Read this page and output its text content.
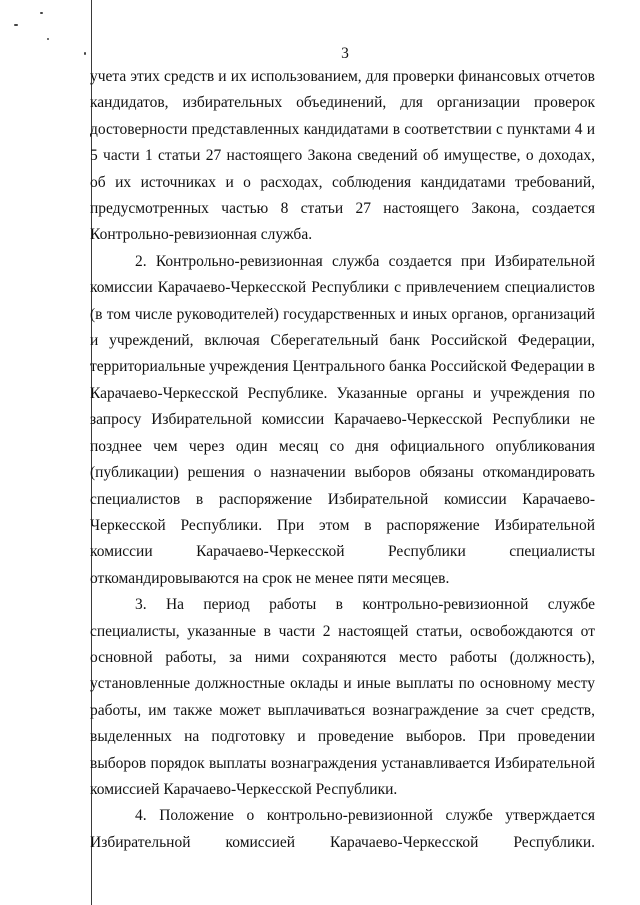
3

учета этих средств и их использованием, для проверки финансовых отчетов кандидатов, избирательных объединений, для организации проверок достоверности представленных кандидатами в соответствии с пунктами 4 и 5 части 1 статьи 27 настоящего Закона сведений об имуществе, о доходах, об их источниках и о расходах, соблюдения кандидатами требований, предусмотренных частью 8 статьи 27 настоящего Закона, создается Контрольно-ревизионная служба.

2. Контрольно-ревизионная служба создается при Избирательной комиссии Карачаево-Черкесской Республики с привлечением специалистов (в том числе руководителей) государственных и иных органов, организаций и учреждений, включая Сберегательный банк Российской Федерации, территориальные учреждения Центрального банка Российской Федерации в Карачаево-Черкесской Республике. Указанные органы и учреждения по запросу Избирательной комиссии Карачаево-Черкесской Республики не позднее чем через один месяц со дня официального опубликования (публикации) решения о назначении выборов обязаны откомандировать специалистов в распоряжение Избирательной комиссии Карачаево-Черкесской Республики. При этом в распоряжение Избирательной комиссии Карачаево-Черкесской Республики специалисты откомандировываются на срок не менее пяти месяцев.

3. На период работы в контрольно-ревизионной службе специалисты, указанные в части 2 настоящей статьи, освобождаются от основной работы, за ними сохраняются место работы (должность), установленные должностные оклады и иные выплаты по основному месту работы, им также может выплачиваться вознаграждение за счет средств, выделенных на подготовку и проведение выборов. При проведении выборов порядок выплаты вознаграждения устанавливается Избирательной комиссией Карачаево-Черкесской Республики.

4. Положение о контрольно-ревизионной службе утверждается Избирательной комиссией Карачаево-Черкесской Республики.
